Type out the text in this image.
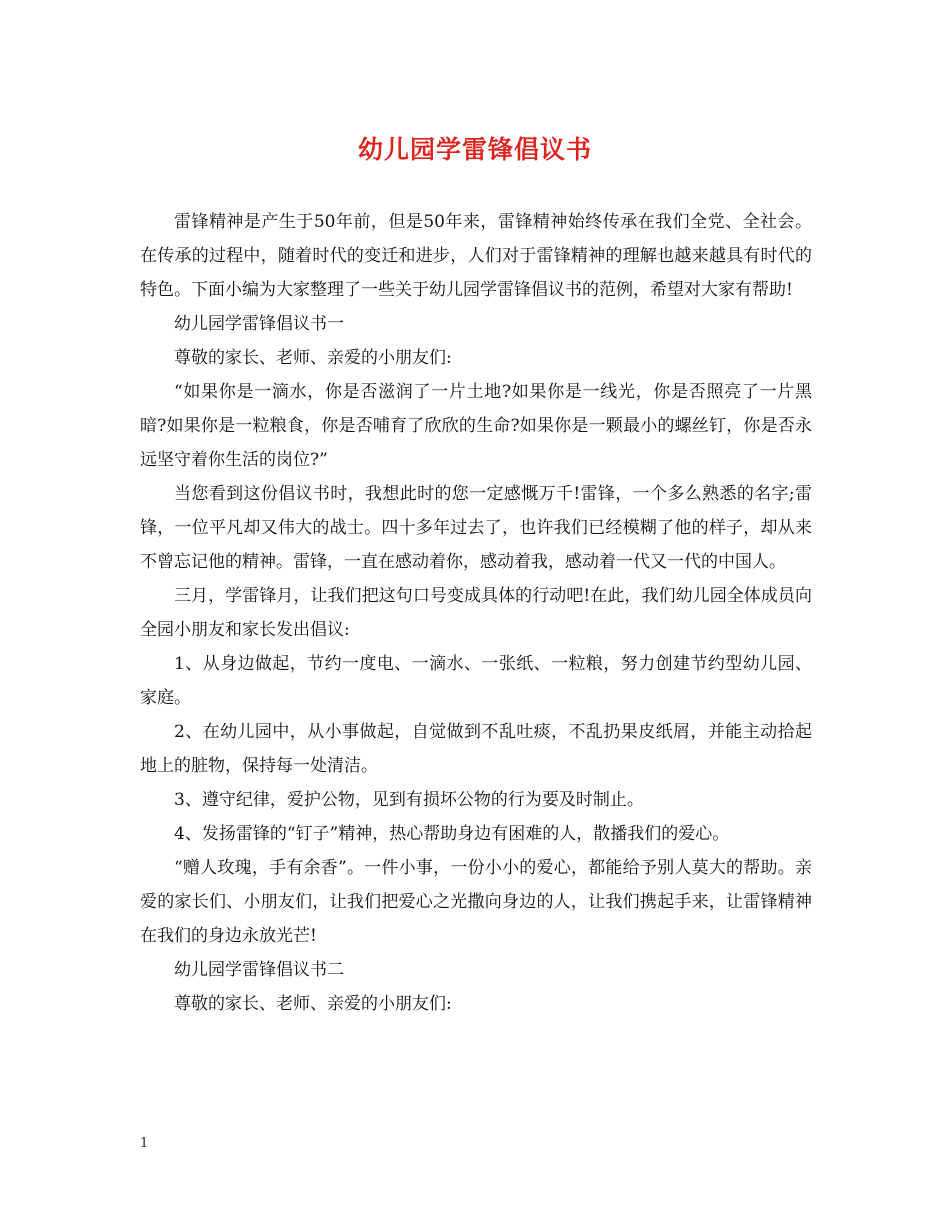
幼儿园学雷锋倡议书

雷锋精神是产生于50年前，但是50年来，雷锋精神始终传承在我们全党、全社会。在传承的过程中，随着时代的变迁和进步，人们对于雷锋精神的理解也越来越具有时代的特色。下面小编为大家整理了一些关于幼儿园学雷锋倡议书的范例，希望对大家有帮助!

幼儿园学雷锋倡议书一

尊敬的家长、老师、亲爱的小朋友们:

“如果你是一滴水，你是否滋润了一片土地?如果你是一线光，你是否照亮了一片黑暗?如果你是一粒粮食，你是否哺育了欣欣的生命?如果你是一颗最小的螺丝钉，你是否永远坚守着你生活的岗位?”

当您看到这份倡议书时，我想此时的您一定感慨万千!雷锋，一个多么熟悉的名字;雷锋，一位平凡却又伟大的战士。四十多年过去了，也许我们已经模糊了他的样子，却从来不曾忘记他的精神。雷锋，一直在感动着你，感动着我，感动着一代又一代的中国人。

三月，学雷锋月，让我们把这句口号变成具体的行动吧!在此，我们幼儿园全体成员向全园小朋友和家长发出倡议:

1、从身边做起，节约一度电、一滴水、一张纸、一粒粮，努力创建节约型幼儿园、家庭。

2、在幼儿园中，从小事做起，自觉做到不乱吐痰，不乱扔果皮纸屑，并能主动拾起地上的脏物，保持每一处清洁。

3、遵守纪律，爱护公物，见到有损坏公物的行为要及时制止。

4、发扬雷锋的“钉子”精神，热心帮助身边有困难的人，散播我们的爱心。

“赠人玫瑰，手有余香”。一件小事，一份小小的爱心，都能给予别人莫大的帮助。亲爱的家长们、小朋友们，让我们把爱心之光撒向身边的人，让我们携起手来，让雷锋精神在我们的身边永放光芒!

幼儿园学雷锋倡议书二

尊敬的家长、老师、亲爱的小朋友们:

1
